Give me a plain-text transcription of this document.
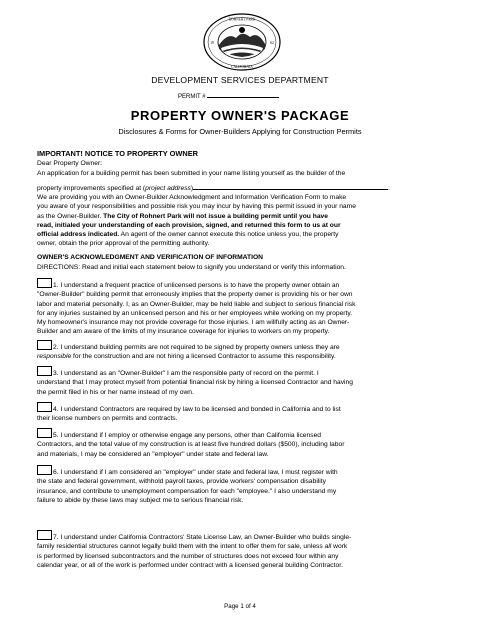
ROHNERT PARK
CALIFORNIA
19	62
DEVELOPMENT SERVICES DEPARTMENT
PERMIT #
PROPERTY OWNER'S PACKAGE
Disclosures & Forms for Owner-Builders Applying for Construction Permits
IMPORTANT! NOTICE TO PROPERTY OWNER
Dear Property Owner:
An application for a building permit has been submitted in your name listing yourself as the builder of the
property improvements specified at (project address)	.
We are providing you with an Owner-Builder Acknowledgment and Information Verification Form to make
you aware of your responsibilities and possible risk you may incur by having this permit issued in your name
as the Owner-Builder. The City of Rohnert Park will not issue a building permit until you have
read, initialed your understanding of each provision, signed, and returned this form to us at our
official address indicated. An agent of the owner cannot execute this notice unless you, the property
owner, obtain the prior approval of the permitting authority.
OWNER'S ACKNOWLEDGMENT AND VERIFICATION OF INFORMATION
DIRECTIONS: Read and initial each statement below to signify you understand or verify this information.
1. I understand a frequent practice of unlicensed persons is to have the property owner obtain an
"Owner-Builder" building permit that erroneously implies that the property owner is providing his or her own
labor and material personally. I, as an Owner-Builder, may be held liable and subject to serious financial risk
for any injuries sustained by an unlicensed person and his or her employees while working on my property.
My homeowner's insurance may not provide coverage for those injuries. I am willfully acting as an Owner-
Builder and am aware of the limits of my insurance coverage for injuries to workers on my property.
2. I understand building permits are not required to be signed by property owners unless they are
responsible for the construction and are not hiring a licensed Contractor to assume this responsibility.
3. I understand as an "Owner-Builder" I am the responsible party of record on the permit. I
understand that I may protect myself from potential financial risk by hiring a licensed Contractor and having
the permit filed in his or her name instead of my own.
4. I understand Contractors are required by law to be licensed and bonded in California and to list
their license numbers on permits and contracts.
5. I understand if I employ or otherwise engage any persons, other than California licensed
Contractors, and the total value of my construction is at least five hundred dollars ($500), including labor
and materials, I may be considered an "employer" under state and federal law.
6. I understand if I am considered an "employer" under state and federal law, I must register with
the state and federal government, withhold payroll taxes, provide workers' compensation disability
insurance, and contribute to unemployment compensation for each "employee." I also understand my
failure to abide by these laws may subject me to serious financial risk.
7. I understand under California Contractors' State License Law, an Owner-Builder who builds single-
family residential structures cannot legally build them with the intent to offer them for sale, unless all work
is performed by licensed subcontractors and the number of structures does not exceed four within any
calendar year, or all of the work is performed under contract with a licensed general building Contractor.
Page 1 of 4
